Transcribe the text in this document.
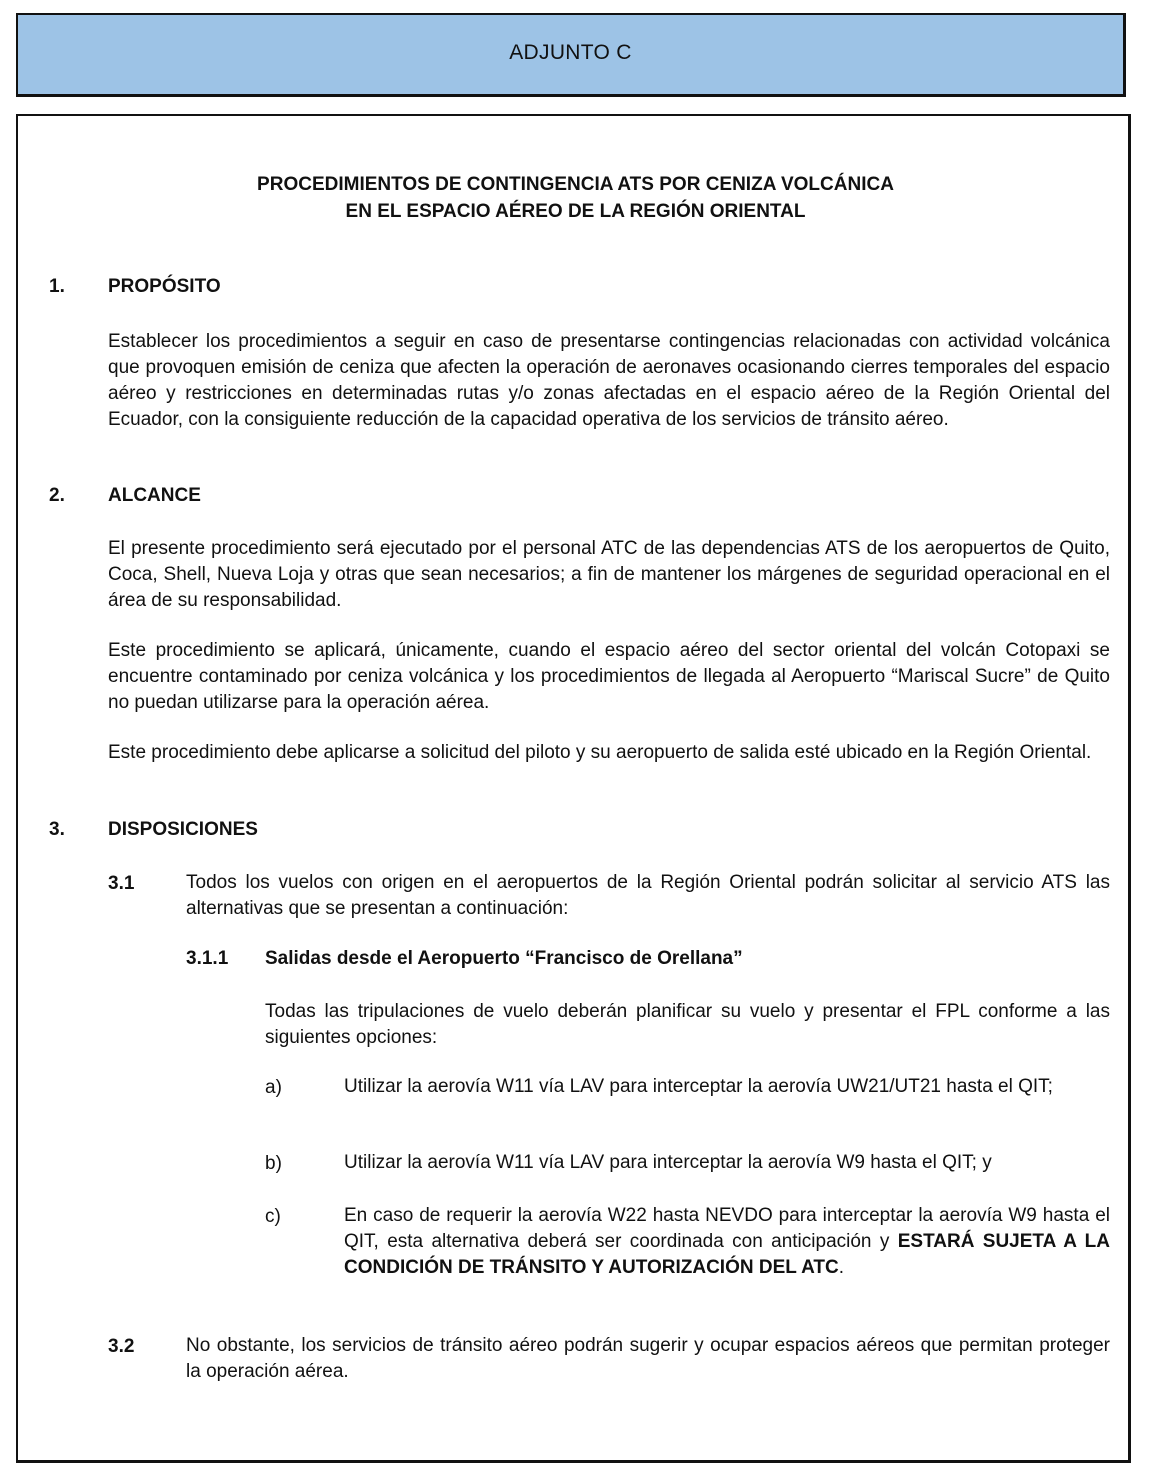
ADJUNTO C
PROCEDIMIENTOS DE CONTINGENCIA ATS POR CENIZA VOLCÁNICA
EN EL ESPACIO AÉREO DE LA REGIÓN ORIENTAL
1. PROPÓSITO

Establecer los procedimientos a seguir en caso de presentarse contingencias relacionadas con actividad volcánica que provoquen emisión de ceniza que afecten la operación de aeronaves ocasionando cierres temporales del espacio aéreo y restricciones en determinadas rutas y/o zonas afectadas en el espacio aéreo de la Región Oriental del Ecuador, con la consiguiente reducción de la capacidad operativa de los servicios de tránsito aéreo.

2. ALCANCE

El presente procedimiento será ejecutado por el personal ATC de las dependencias ATS de los aeropuertos de Quito, Coca, Shell, Nueva Loja y otras que sean necesarios; a fin de mantener los márgenes de seguridad operacional en el área de su responsabilidad.

Este procedimiento se aplicará, únicamente, cuando el espacio aéreo del sector oriental del volcán Cotopaxi se encuentre contaminado por ceniza volcánica y los procedimientos de llegada al Aeropuerto “Mariscal Sucre” de Quito no puedan utilizarse para la operación aérea.

Este procedimiento debe aplicarse a solicitud del piloto y su aeropuerto de salida esté ubicado en la Región Oriental.

3. DISPOSICIONES
3.1	Todos los vuelos con origen en el aeropuertos de la Región Oriental podrán solicitar al servicio ATS las alternativas que se presentan a continuación:

3.1.1 Salidas desde el Aeropuerto “Francisco de Orellana”

Todas las tripulaciones de vuelo deberán planificar su vuelo y presentar el FPL conforme a las siguientes opciones:

a)	Utilizar la aerovía W11 vía LAV para interceptar la aerovía UW21/UT21 hasta el QIT;

b)	Utilizar la aerovía W11 vía LAV para interceptar la aerovía W9 hasta el QIT; y

c)	En caso de requerir la aerovía W22 hasta NEVDO para interceptar la aerovía W9 hasta el QIT, esta alternativa deberá ser coordinada con anticipación y ESTARÁ SUJETA A LA CONDICIÓN DE TRÁNSITO Y AUTORIZACIÓN DEL ATC.

3.2	No obstante, los servicios de tránsito aéreo podrán sugerir y ocupar espacios aéreos que permitan proteger la operación aérea.
